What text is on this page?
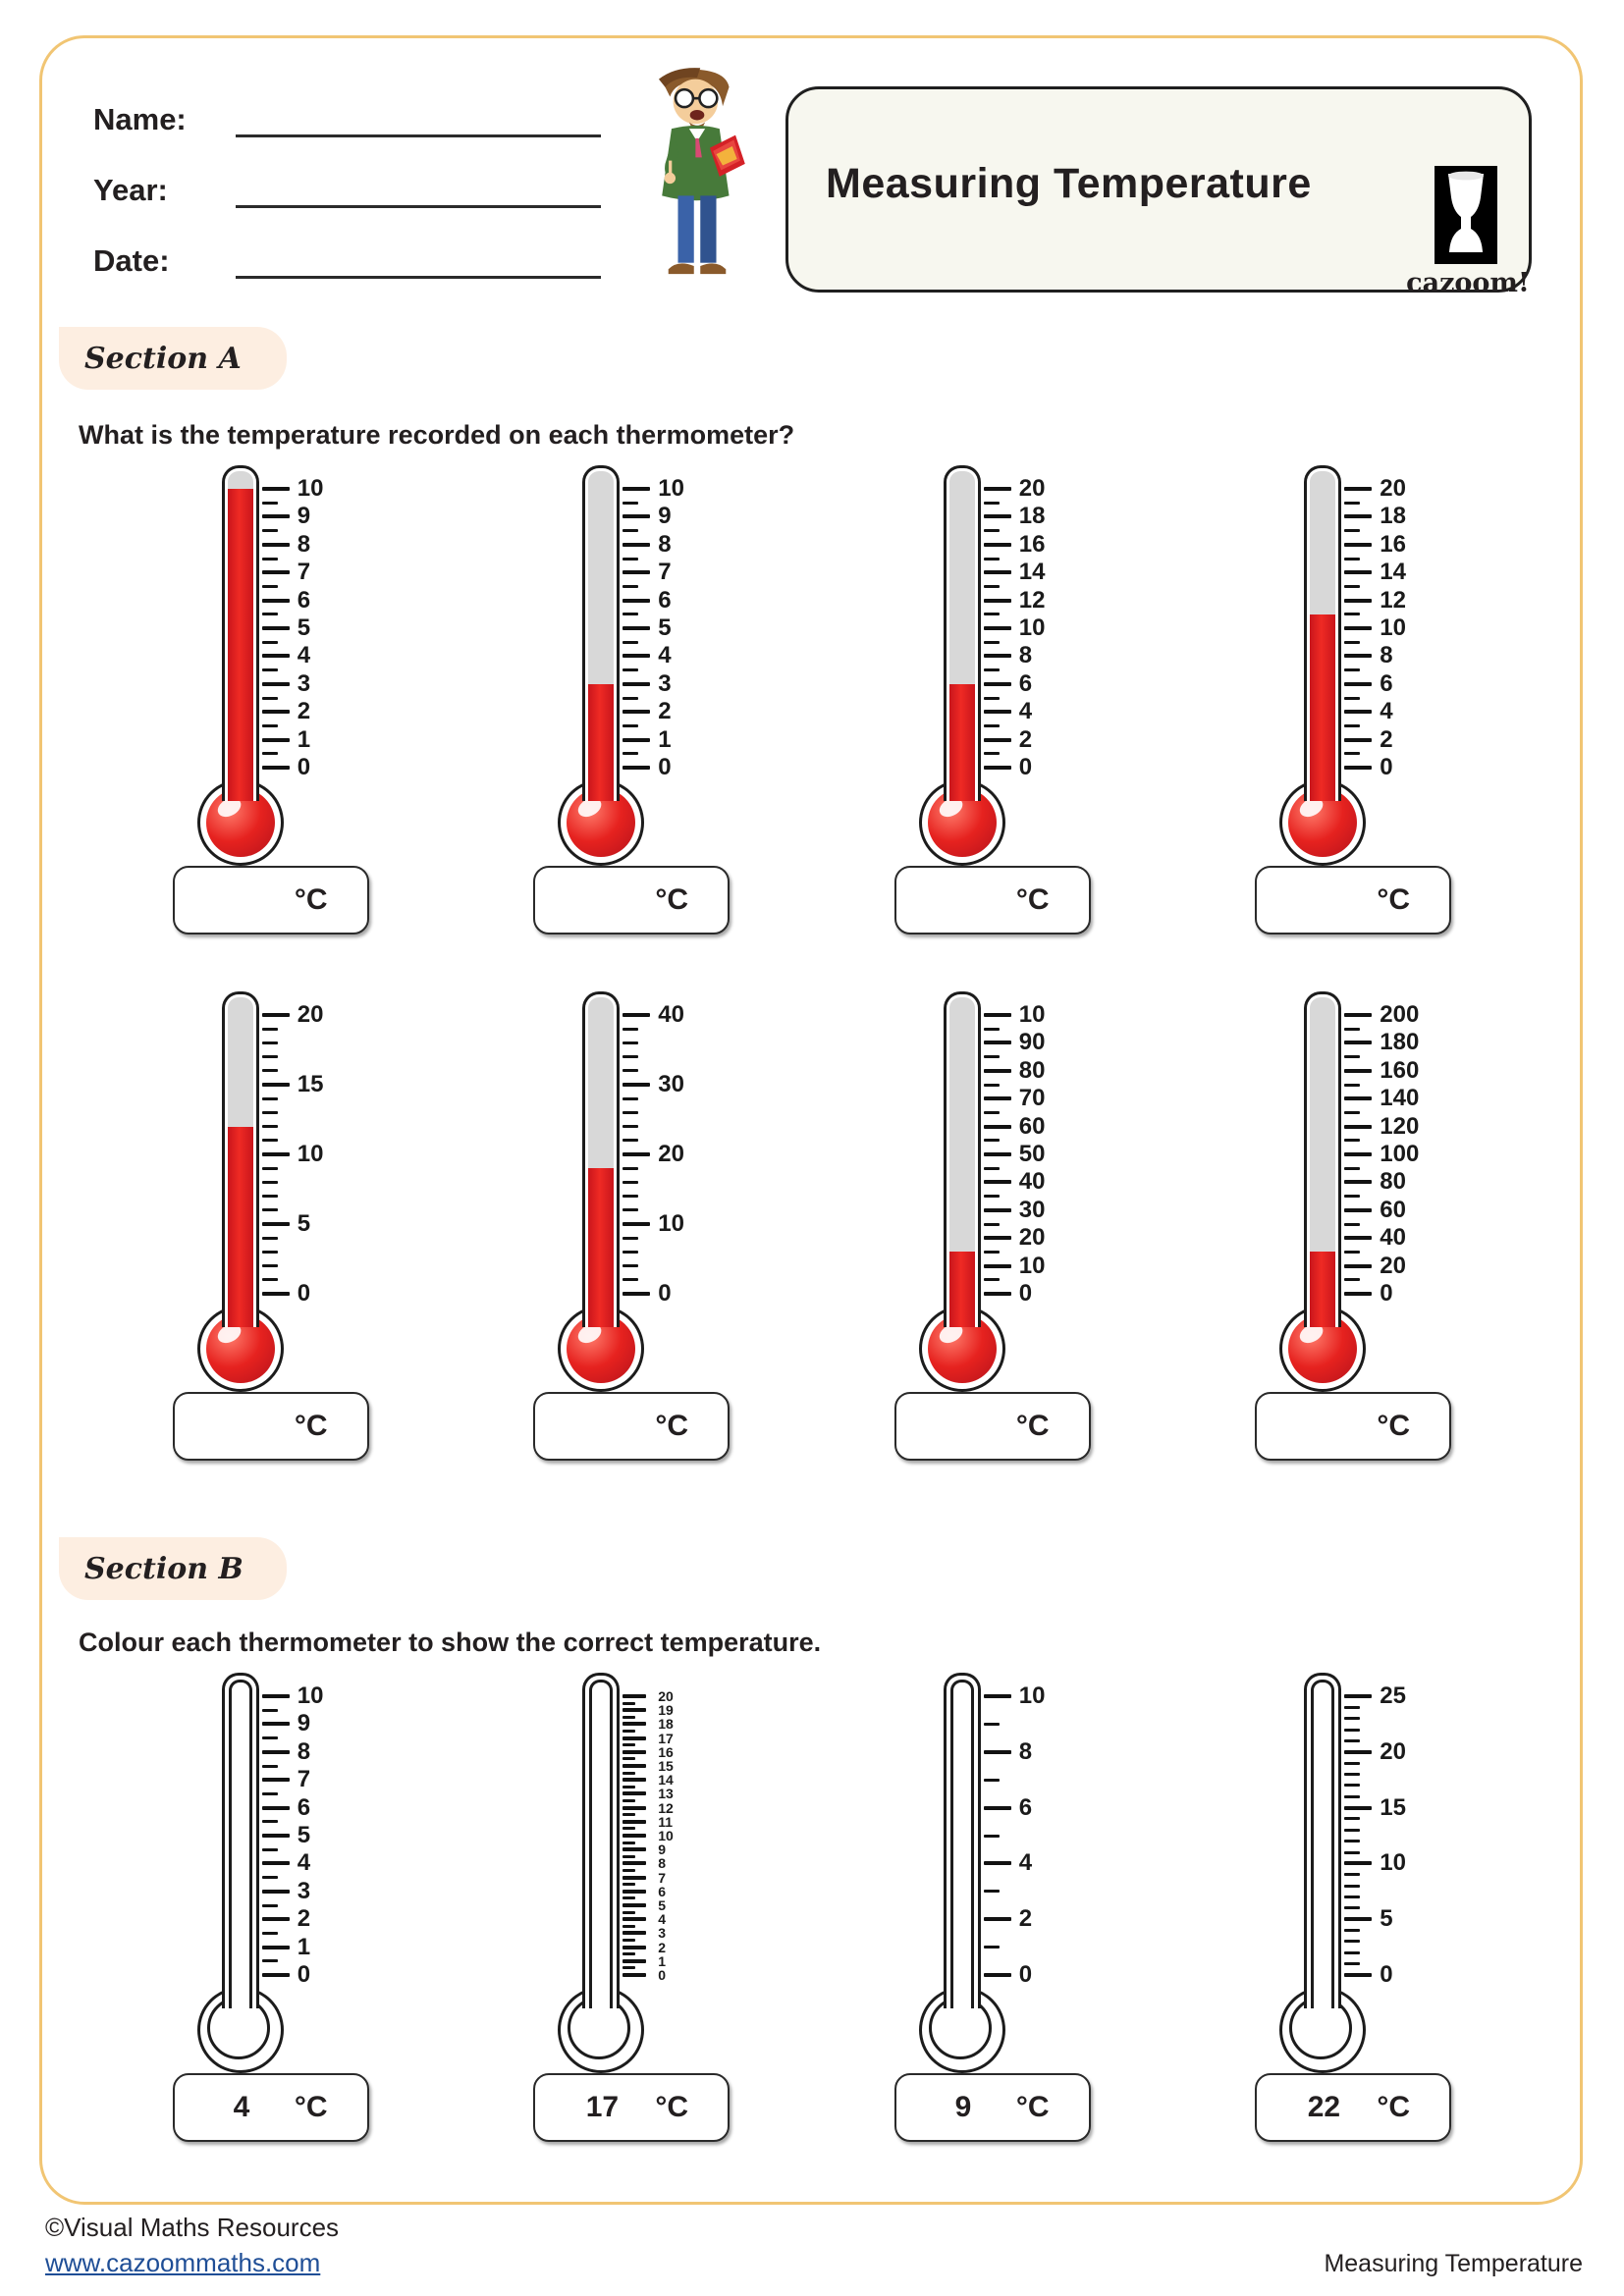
Name:
Year:
Date:
Measuring Temperature
cazoom!
Section A
What is the temperature recorded on each thermometer?
10
9
8
7
6
5
4
3
2
1
0
°C
10
9
8
7
6
5
4
3
2
1
0
°C
20
18
16
14
12
10
8
6
4
2
0
°C
20
18
16
14
12
10
8
6
4
2
0
°C
20
15
10
5
0
°C
40
30
20
10
0
°C
10
90
80
70
60
50
40
30
20
10
0
°C
200
180
160
140
120
100
80
60
40
20
0
°C
Section B
Colour each thermometer to show the correct temperature.
10
9
8
7
6
5
4
3
2
1
0
4	°C
20
19
18
17
16
15
14
13
12
11
10
9
8
7
6
5
4
3
2
1
0
17	°C
10
8
6
4
2
0
9	°C
25
20
15
10
5
0
22	°C
©Visual Maths Resources
www.cazoommaths.com	Measuring Temperature
